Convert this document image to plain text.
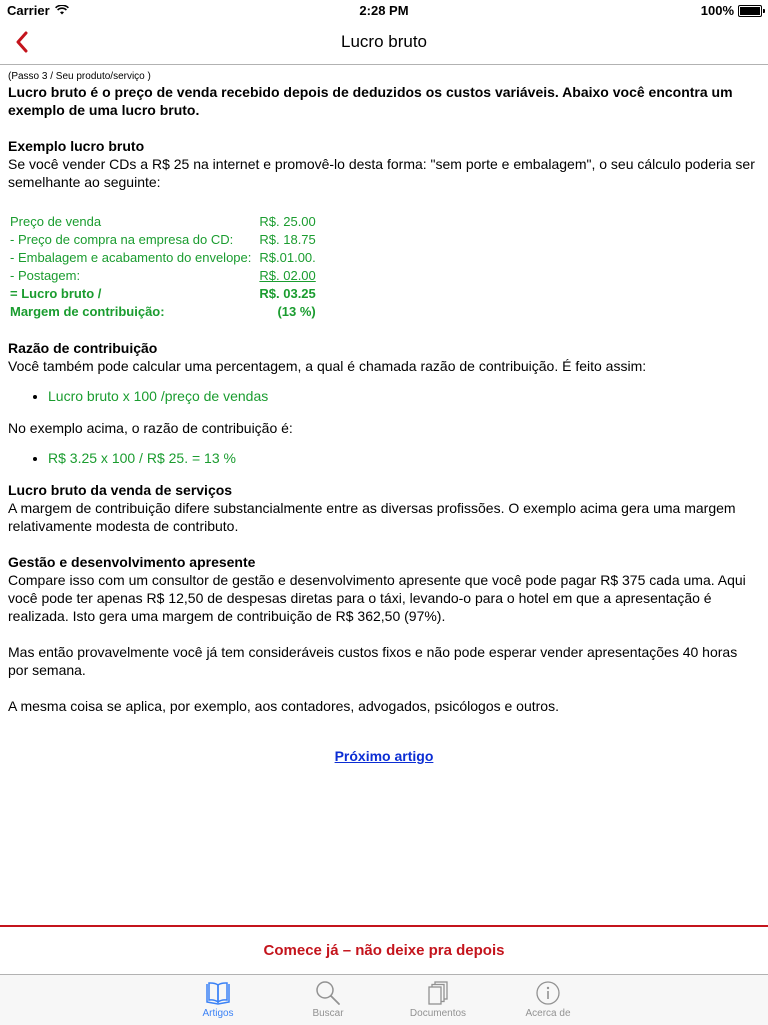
Carrier	2:28 PM	100%
Lucro bruto

(Passo 3 / Seu produto/serviço )

Lucro bruto é o preço de venda recebido depois de deduzidos os custos variáveis. Abaixo você encontra um exemplo de uma lucro bruto.

Exemplo lucro bruto

Se você vender CDs a R$ 25 na internet e promovê-lo desta forma: "sem porte e embalagem", o seu cálculo poderia ser semelhante ao seguinte:

Preço de venda	R$. 25.00
- Preço de compra na empresa do CD:	R$. 18.75
- Embalagem e acabamento do envelope:	R$.01.00.
- Postagem:	R$. 02.00
= Lucro bruto /	R$. 03.25
Margem de contribuição:	(13 %)
Razão de contribuição

Você também pode calcular uma percentagem, a qual é chamada razão de contribuição. É feito assim:

• Lucro bruto x 100 /preço de vendas

No exemplo acima, o razão de contribuição é:

• R$ 3.25 x 100 / R$ 25. = 13 %
Lucro bruto da venda de serviços

A margem de contribuição difere substancialmente entre as diversas profissões. O exemplo acima gera uma margem relativamente modesta de contributo.

Gestão e desenvolvimento apresente

Compare isso com um consultor de gestão e desenvolvimento apresente que você pode pagar R$ 375 cada uma. Aqui você pode ter apenas R$ 12,50 de despesas diretas para o táxi, levando-o para o hotel em que a apresentação é realizada. Isto gera uma margem de contribuição de R$ 362,50 (97%).

Mas então provavelmente você já tem consideráveis custos fixos e não pode esperar vender apresentações 40 horas por semana.

A mesma coisa se aplica, por exemplo, aos contadores, advogados, psicólogos e outros.

Próximo artigo
Comece já – não deixe pra depois
Artigos	Buscar	Documentos	Acerca de
